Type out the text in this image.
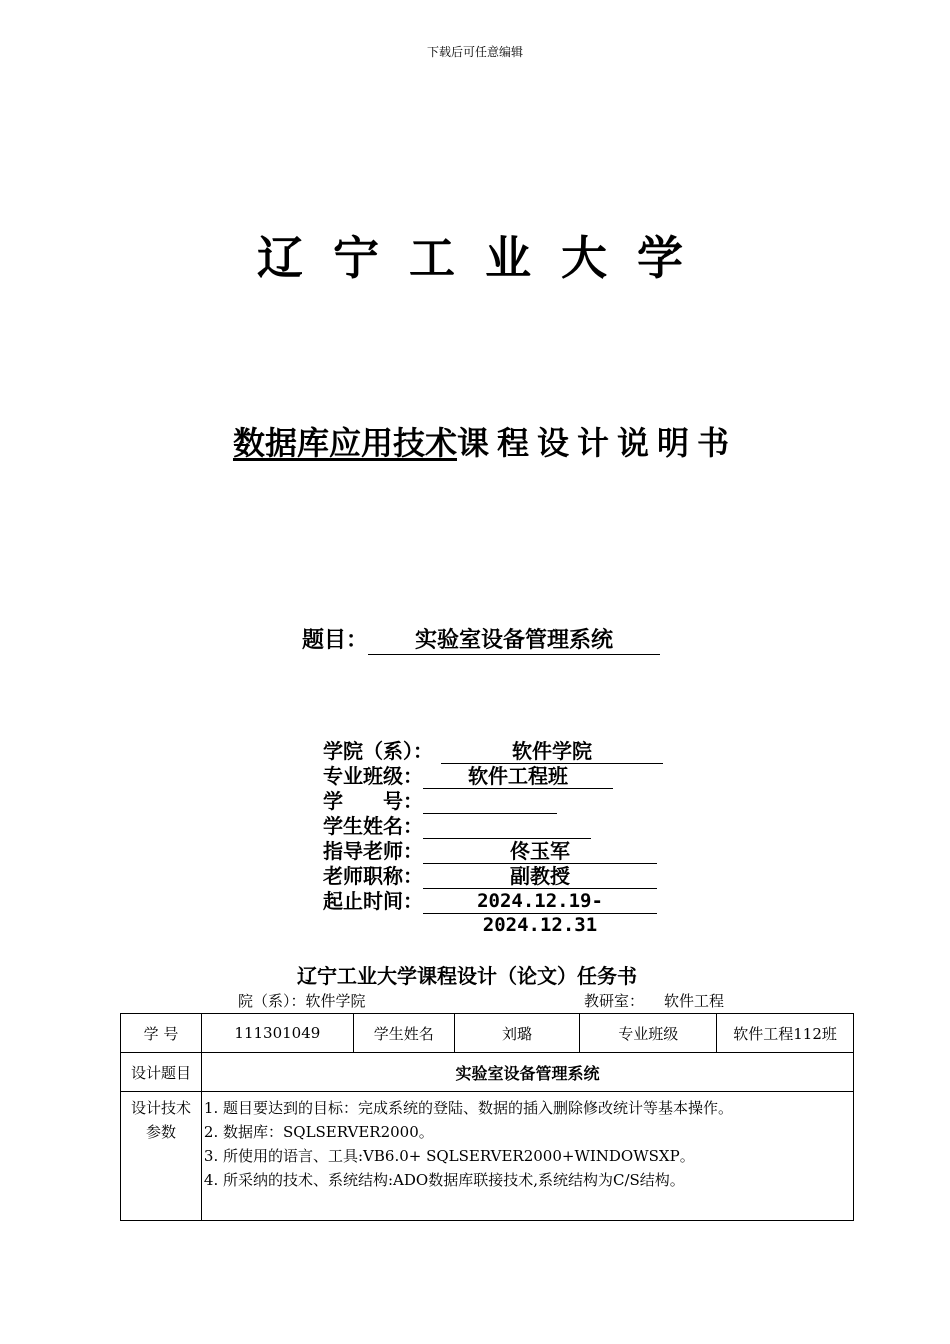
下载后可任意编辑
辽宁工业大学
数据库应用技术课程设计说明书
题目：	实验室设备管理系统
学院（系）：	软件学院
专业班级：	软件工程班
学　　号：
学生姓名：
指导老师：	佟玉军
老师职称：	副教授
起止时间：	2024.12.19-2024.12.31
辽宁工业大学课程设计（论文）任务书
院（系）：软件学院	教研室： 软件工程
学 号	111301049	学生姓名	刘璐	专业班级	软件工程112班
设计题目	实验室设备管理系统				
设计技术参数	1. 题目要达到的目标：完成系统的登陆、数据的插入删除修改统计等基本操作。
2. 数据库：SQLSERVER2000。
3. 所使用的语言、工具:VB6.0+ SQLSERVER2000+WINDOWSXP。
4. 所采纳的技术、系统结构:ADO数据库联接技术,系统结构为C/S结构。				
